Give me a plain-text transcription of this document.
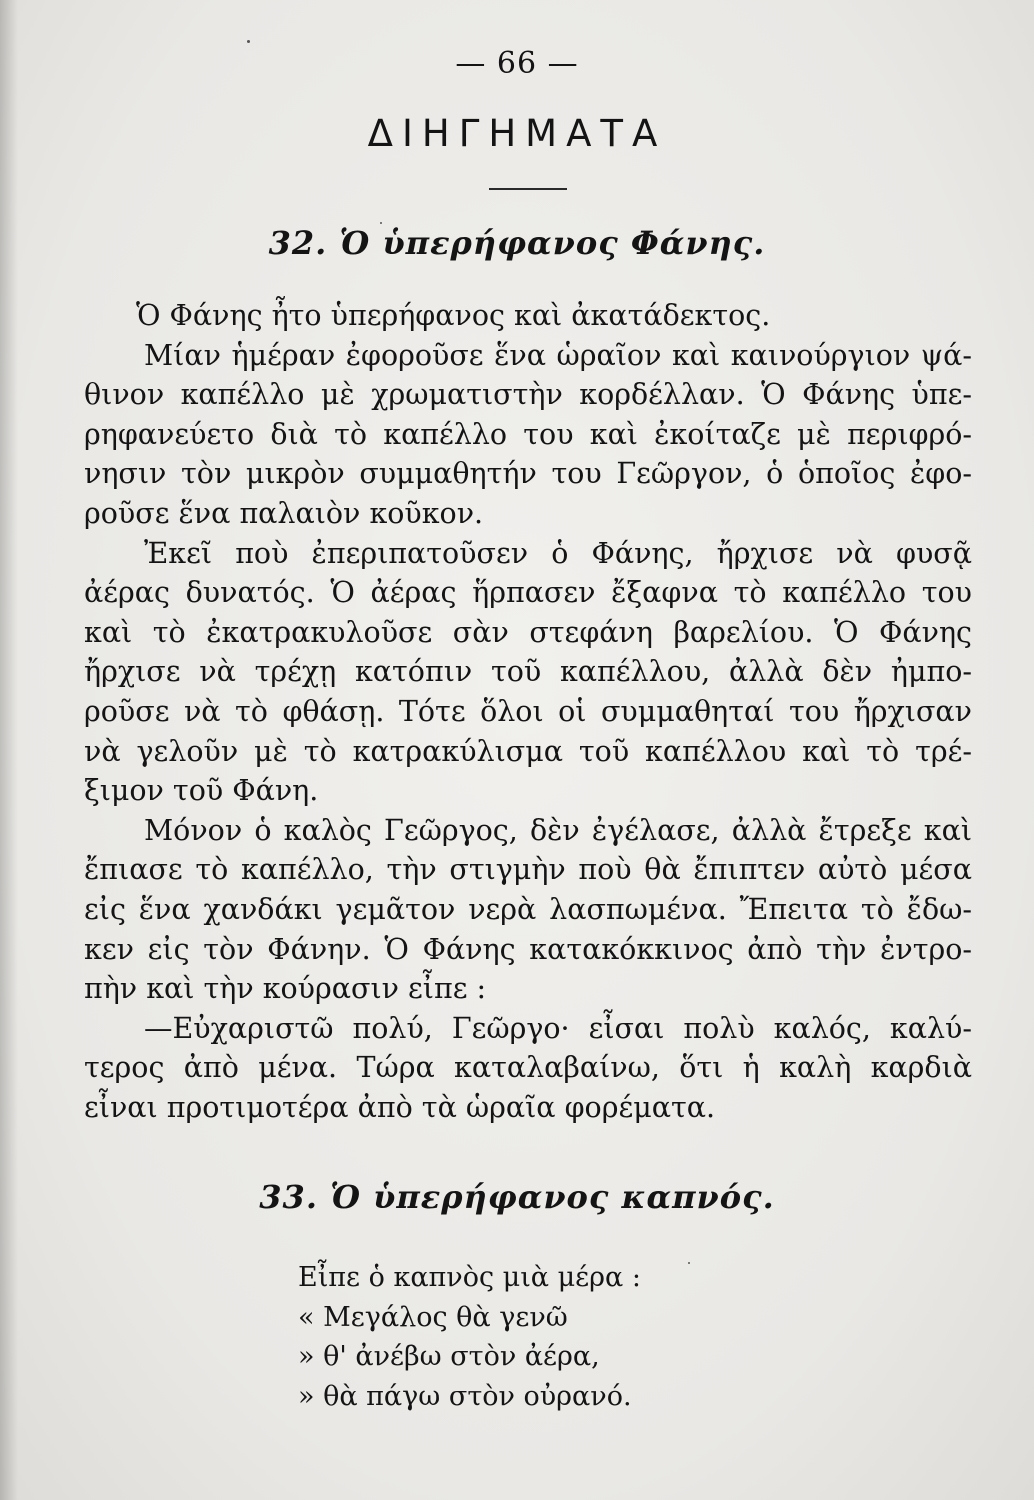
— 66 —
ΔΙΗΓΗΜΑΤΑ
32. Ὁ ὑπερήφανος Φάνης.
Ὁ Φάνης ἦτο ὑπερήφανος καὶ ἀκατάδεκτος.
Μίαν ἡμέραν ἐφοροῦσε ἕνα ὡραῖον καὶ καινούργιον ψά-
θινον καπέλλο μὲ χρωματιστὴν κορδέλλαν. Ὁ Φάνης ὑπε-
ρηφανεύετο διὰ τὸ καπέλλο του καὶ ἐκοίταζε μὲ περιφρό-
νησιν τὸν μικρὸν συμμαθητήν του Γεῶργον, ὁ ὁποῖος ἐφο-
ροῦσε ἕνα παλαιὸν κοῦκον.
Ἐκεῖ ποὺ ἐπεριπατοῦσεν ὁ Φάνης, ἤρχισε νὰ φυσᾷ
ἀέρας δυνατός. Ὁ ἀέρας ἥρπασεν ἔξαφνα τὸ καπέλλο του
καὶ τὸ ἐκατρακυλοῦσε σὰν στεφάνη βαρελίου. Ὁ Φάνης
ἤρχισε νὰ τρέχῃ κατόπιν τοῦ καπέλλου, ἀλλὰ δὲν ἠμπο-
ροῦσε νὰ τὸ φθάσῃ. Τότε ὅλοι οἱ συμμαθηταί του ἤρχισαν
νὰ γελοῦν μὲ τὸ κατρακύλισμα τοῦ καπέλλου καὶ τὸ τρέ-
ξιμον τοῦ Φάνη.
Μόνον ὁ καλὸς Γεῶργος, δὲν ἐγέλασε, ἀλλὰ ἔτρεξε καὶ
ἔπιασε τὸ καπέλλο, τὴν στιγμὴν ποὺ θὰ ἔπιπτεν αὐτὸ μέσα
εἰς ἕνα χανδάκι γεμᾶτον νερὰ λασπωμένα. Ἔπειτα τὸ ἔδω-
κεν εἰς τὸν Φάνην. Ὁ Φάνης κατακόκκινος ἀπὸ τὴν ἐντρο-
πὴν καὶ τὴν κούρασιν εἶπε :
—Εὐχαριστῶ πολύ, Γεῶργο· εἶσαι πολὺ καλός, καλύ-
τερος ἀπὸ μένα. Τώρα καταλαβαίνω, ὅτι ἡ καλὴ καρδιὰ
εἶναι προτιμοτέρα ἀπὸ τὰ ὡραῖα φορέματα.
33. Ὁ ὑπερήφανος καπνός.
Εἶπε ὁ καπνὸς μιὰ μέρα :
« Μεγάλος θὰ γενῶ
» θ' ἀνέβω στὸν ἀέρα,
» θὰ πάγω στὸν οὐρανό.
